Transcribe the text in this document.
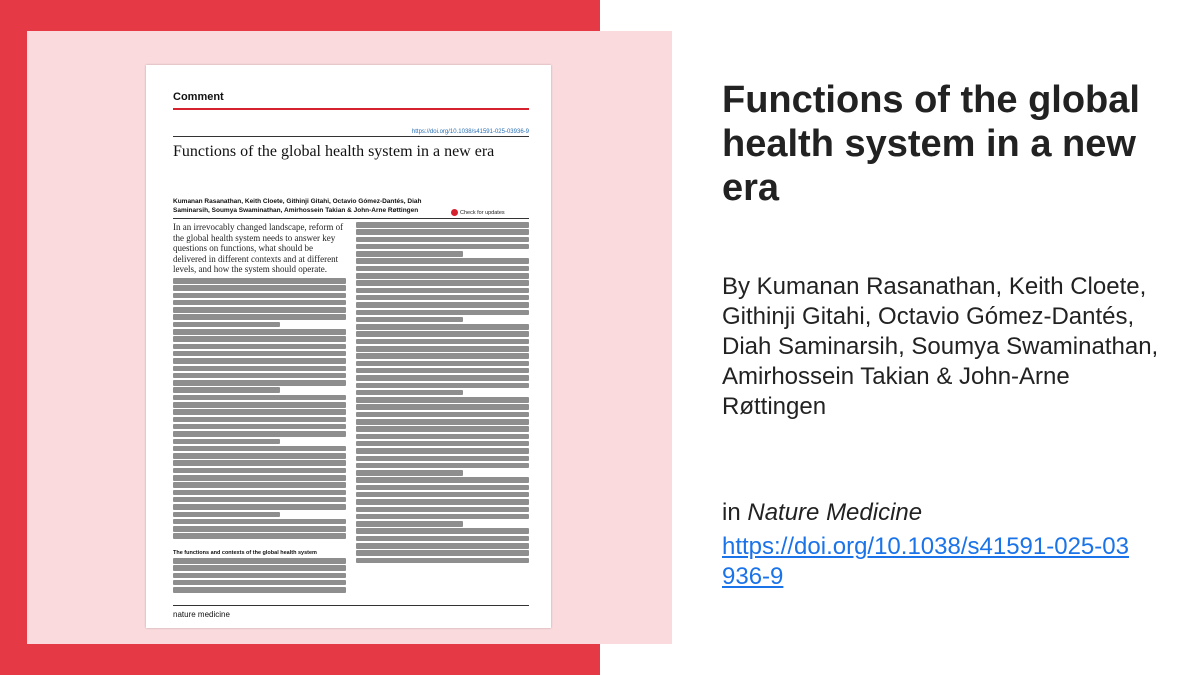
Comment
https://doi.org/10.1038/s41591-025-03936-9
Functions of the global health system in a new era
Kumanan Rasanathan, Keith Cloete, Githinji Gitahi, Octavio Gómez-Dantés, Diah Saminarsih, Soumya Swaminathan, Amirhossein Takian & John-Arne Røttingen	Check for updates
In an irrevocably changed landscape, reform of the global health system needs to answer key questions on functions, what should be delivered in different contexts and at different levels, and how the system should operate.
The functions and contexts of the global health system
nature medicine
Functions of the global health system in a new era
By Kumanan Rasanathan, Keith Cloete, Githinji Gitahi, Octavio Gómez-Dantés, Diah Saminarsih, Soumya Swaminathan, Amirhossein Takian & John-Arne Røttingen
in Nature Medicine
https://doi.org/10.1038/s41591-025-03936-9
